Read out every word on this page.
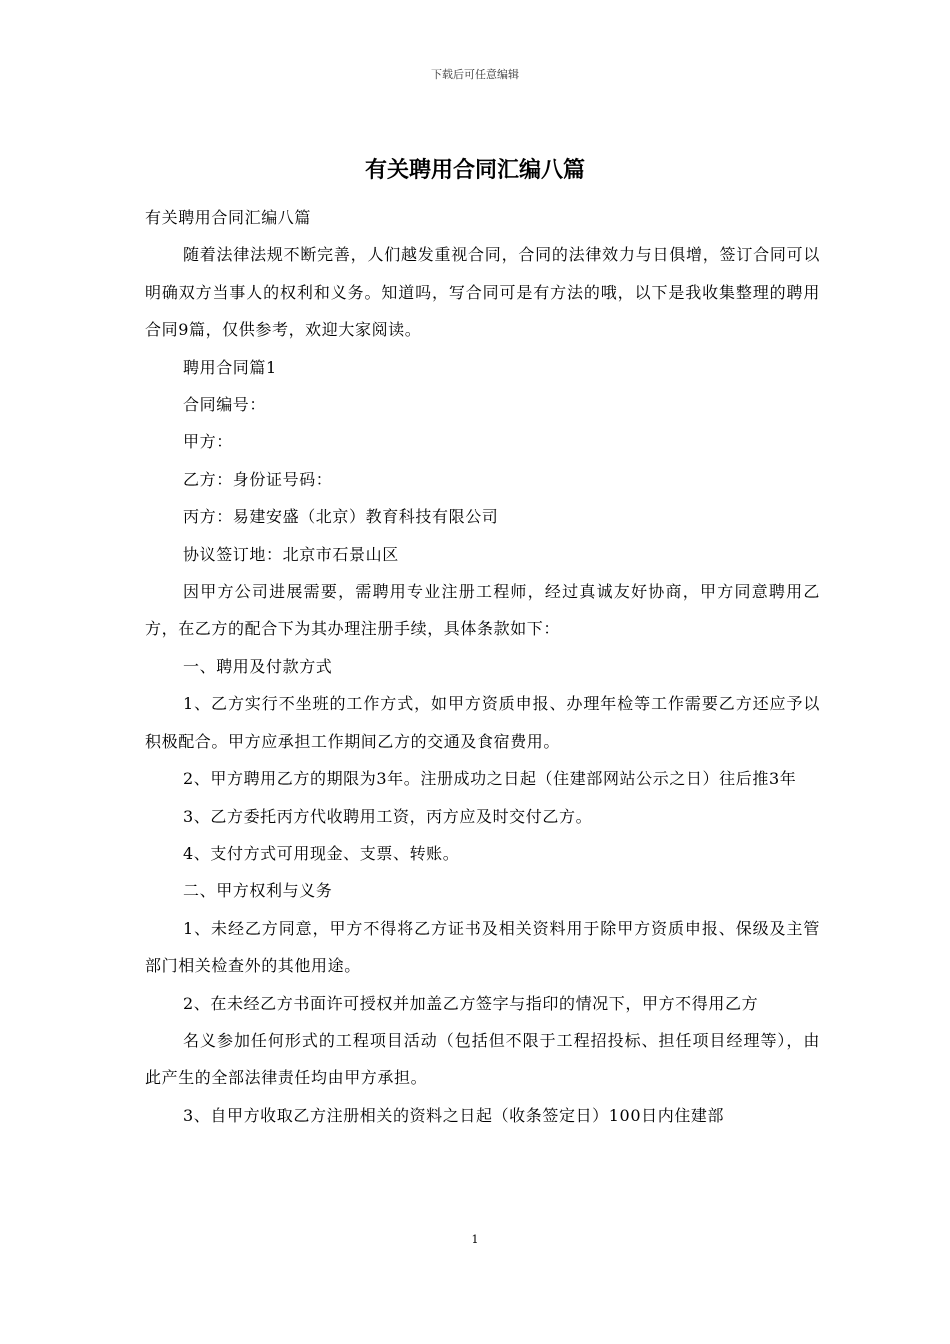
下载后可任意编辑
有关聘用合同汇编八篇

有关聘用合同汇编八篇

随着法律法规不断完善，人们越发重视合同，合同的法律效力与日俱增，签订合同可以明确双方当事人的权利和义务。知道吗，写合同可是有方法的哦，以下是我收集整理的聘用合同9篇，仅供参考，欢迎大家阅读。

聘用合同篇1

合同编号：

甲方：

乙方：身份证号码：

丙方：易建安盛（北京）教育科技有限公司

协议签订地：北京市石景山区

因甲方公司进展需要，需聘用专业注册工程师，经过真诚友好协商，甲方同意聘用乙方，在乙方的配合下为其办理注册手续，具体条款如下：

一、聘用及付款方式

1、乙方实行不坐班的工作方式，如甲方资质申报、办理年检等工作需要乙方还应予以积极配合。甲方应承担工作期间乙方的交通及食宿费用。

2、甲方聘用乙方的期限为3年。注册成功之日起（住建部网站公示之日）往后推3年

3、乙方委托丙方代收聘用工资，丙方应及时交付乙方。

4、支付方式可用现金、支票、转账。

二、甲方权利与义务

1、未经乙方同意，甲方不得将乙方证书及相关资料用于除甲方资质申报、保级及主管部门相关检查外的其他用途。

2、在未经乙方书面许可授权并加盖乙方签字与指印的情况下，甲方不得用乙方

名义参加任何形式的工程项目活动（包括但不限于工程招投标、担任项目经理等），由此产生的全部法律责任均由甲方承担。

3、自甲方收取乙方注册相关的资料之日起（收条签定日）100日内住建部

1
